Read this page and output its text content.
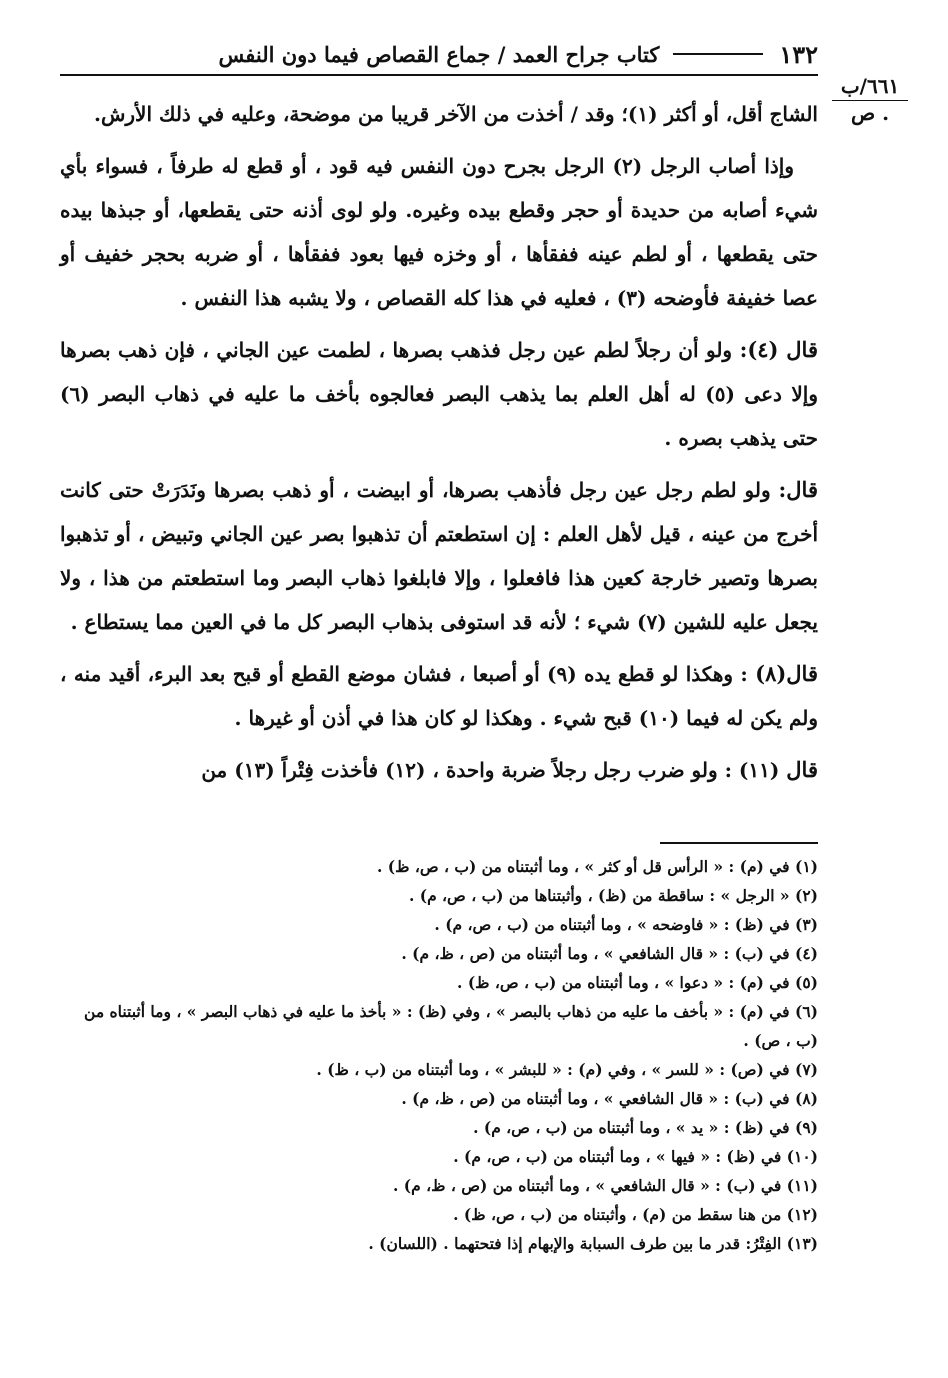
١٣٢
كتاب جراح العمد / جماع القصاص فيما دون النفس
٦٦١/ب
. ص

الشاج أقل، أو أكثر (١)؛ وقد / أخذت من الآخر قريبا من موضحة، وعليه في ذلك الأرش.

وإذا أصاب الرجل (٢) الرجل بجرح دون النفس فيه قود ، أو قطع له طرفاً ، فسواء بأي شيء أصابه من حديدة أو حجر وقطع بيده وغيره. ولو لوى أذنه حتى يقطعها، أو جبذها بيده حتى يقطعها ، أو لطم عينه ففقأها ، أو وخزه فيها بعود ففقأها ، أو ضربه بحجر خفيف أو عصا خفيفة فأوضحه (٣) ، فعليه في هذا كله القصاص ، ولا يشبه هذا النفس .

قال (٤): ولو أن رجلاً لطم عين رجل فذهب بصرها ، لطمت عين الجاني ، فإن ذهب بصرها وإلا دعى (٥) له أهل العلم بما يذهب البصر فعالجوه بأخف ما عليه في ذهاب البصر (٦) حتى يذهب بصره .

قال: ولو لطم رجل عين رجل فأذهب بصرها، أو ابيضت ، أو ذهب بصرها ونَدَرَتْ حتى كانت أخرج من عينه ، قيل لأهل العلم : إن استطعتم أن تذهبوا بصر عين الجاني وتبيض ، أو تذهبوا بصرها وتصير خارجة كعين هذا فافعلوا ، وإلا فابلغوا ذهاب البصر وما استطعتم من هذا ، ولا يجعل عليه للشين (٧) شيء ؛ لأنه قد استوفى بذهاب البصر كل ما في العين مما يستطاع .

قال(٨) : وهكذا لو قطع يده (٩) أو أصبعا ، فشان موضع القطع أو قبح بعد البرء، أقيد منه ، ولم يكن له فيما (١٠) قبح شيء . وهكذا لو كان هذا في أذن أو غيرها .

قال (١١) : ولو ضرب رجل رجلاً ضربة واحدة ، (١٢) فأخذت فِتْراً (١٣) من

(١) في (م) : « الرأس قل أو كثر » ، وما أثبتناه من (ب ، ص، ظ) .

(٢) « الرجل » : ساقطة من (ظ) ، وأثبتناها من (ب ، ص، م) .

(٣) في (ظ) : « فاوضحه » ، وما أثبتناه من (ب ، ص، م) .

(٤) في (ب) : « قال الشافعي » ، وما أثبتناه من (ص ، ظ، م) .

(٥) في (م) : « دعوا » ، وما أثبتناه من (ب ، ص، ظ) .

(٦) في (م) : « بأخف ما عليه من ذهاب بالبصر » ، وفي (ظ) : « بأخذ ما عليه في ذهاب البصر » ، وما أثبتناه من (ب ، ص) .

(٧) في (ص) : « للسر » ، وفي (م) : « للبشر » ، وما أثبتناه من (ب ، ظ) .

(٨) في (ب) : « قال الشافعي » ، وما أثبتناه من (ص ، ظ، م) .

(٩) في (ظ) : « يد » ، وما أثبتناه من (ب ، ص، م) .

(١٠) في (ظ) : « فيها » ، وما أثبتناه من (ب ، ص، م) .

(١١) في (ب) : « قال الشافعي » ، وما أثبتناه من (ص ، ظ، م) .

(١٢) من هنا سقط من (م) ، وأثبتناه من (ب ، ص، ظ) .

(١٣) الفِتْرُ: قدر ما بين طرف السبابة والإبهام إذا فتحتهما . (اللسان) .
